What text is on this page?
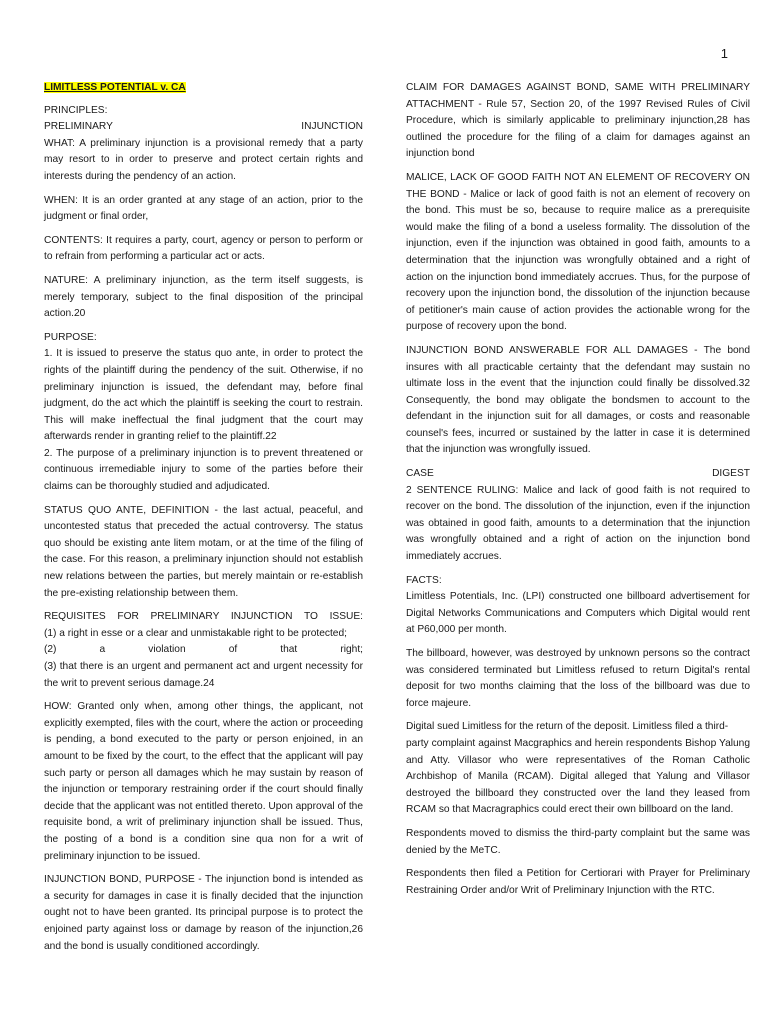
1

LIMITLESS POTENTIAL v. CA

PRINCIPLES:

PRELIMINARY INJUNCTION

WHAT: A preliminary injunction is a provisional remedy that a party may resort to in order to preserve and protect certain rights and interests during the pendency of an action.

WHEN: It is an order granted at any stage of an action, prior to the judgment or final order,

CONTENTS: It requires a party, court, agency or person to perform or to refrain from performing a particular act or acts.

NATURE: A preliminary injunction, as the term itself suggests, is merely temporary, subject to the final disposition of the principal action.20

PURPOSE:

1. It is issued to preserve the status quo ante, in order to protect the rights of the plaintiff during the pendency of the suit. Otherwise, if no preliminary injunction is issued, the defendant may, before final judgment, do the act which the plaintiff is seeking the court to restrain. This will make ineffectual the final judgment that the court may afterwards render in granting relief to the plaintiff.22

2. The purpose of a preliminary injunction is to prevent threatened or continuous irremediable injury to some of the parties before their claims can be thoroughly studied and adjudicated.

STATUS QUO ANTE, DEFINITION - the last actual, peaceful, and uncontested status that preceded the actual controversy. The status quo should be existing ante litem motam, or at the time of the filing of the case. For this reason, a preliminary injunction should not establish new relations between the parties, but merely maintain or re-establish the pre-existing relationship between them.

REQUISITES FOR PRELIMINARY INJUNCTION TO ISSUE:

(1) a right in esse or a clear and unmistakable right to be protected;

(2) a violation of that right;

(3) that there is an urgent and permanent act and urgent necessity for the writ to prevent serious damage.24

HOW: Granted only when, among other things, the applicant, not explicitly exempted, files with the court, where the action or proceeding is pending, a bond executed to the party or person enjoined, in an amount to be fixed by the court, to the effect that the applicant will pay such party or person all damages which he may sustain by reason of the injunction or temporary restraining order if the court should finally decide that the applicant was not entitled thereto. Upon approval of the requisite bond, a writ of preliminary injunction shall be issued. Thus, the posting of a bond is a condition sine qua non for a writ of preliminary injunction to be issued.

INJUNCTION BOND, PURPOSE - The injunction bond is intended as a security for damages in case it is finally decided that the injunction ought not to have been granted. Its principal purpose is to protect the enjoined party against loss or damage by reason of the injunction,26 and the bond is usually conditioned accordingly.

CLAIM FOR DAMAGES AGAINST BOND, SAME WITH PRELIMINARY ATTACHMENT - Rule 57, Section 20, of the 1997 Revised Rules of Civil Procedure, which is similarly applicable to preliminary injunction,28 has outlined the procedure for the filing of a claim for damages against an injunction bond

MALICE, LACK OF GOOD FAITH NOT AN ELEMENT OF RECOVERY ON THE BOND - Malice or lack of good faith is not an element of recovery on the bond. This must be so, because to require malice as a prerequisite would make the filing of a bond a useless formality. The dissolution of the injunction, even if the injunction was obtained in good faith, amounts to a determination that the injunction was wrongfully obtained and a right of action on the injunction bond immediately accrues. Thus, for the purpose of recovery upon the injunction bond, the dissolution of the injunction because of petitioner's main cause of action provides the actionable wrong for the purpose of recovery upon the bond.

INJUNCTION BOND ANSWERABLE FOR ALL DAMAGES - The bond insures with all practicable certainty that the defendant may sustain no ultimate loss in the event that the injunction could finally be dissolved.32 Consequently, the bond may obligate the bondsmen to account to the defendant in the injunction suit for all damages, or costs and reasonable counsel's fees, incurred or sustained by the latter in case it is determined that the injunction was wrongfully issued.

CASE DIGEST

2 SENTENCE RULING: Malice and lack of good faith is not required to recover on the bond. The dissolution of the injunction, even if the injunction was obtained in good faith, amounts to a determination that the injunction was wrongfully obtained and a right of action on the injunction bond immediately accrues.

FACTS:

Limitless Potentials, Inc. (LPI) constructed one billboard advertisement for Digital Networks Communications and Computers which Digital would rent at P60,000 per month.

The billboard, however, was destroyed by unknown persons so the contract was considered terminated but Limitless refused to return Digital's rental deposit for two months claiming that the loss of the billboard was due to force majeure.

Digital sued Limitless for the return of the deposit. Limitless filed a third-

party complaint against Macgraphics and herein respondents Bishop Yalung and Atty. Villasor who were representatives of the Roman Catholic Archbishop of Manila (RCAM). Digital alleged that Yalung and Villasor destroyed the billboard they constructed over the land they leased from RCAM so that Macragraphics could erect their own billboard on the land.

Respondents moved to dismiss the third-party complaint but the same was denied by the MeTC.

Respondents then filed a Petition for Certiorari with Prayer for Preliminary Restraining Order and/or Writ of Preliminary Injunction with the RTC.
